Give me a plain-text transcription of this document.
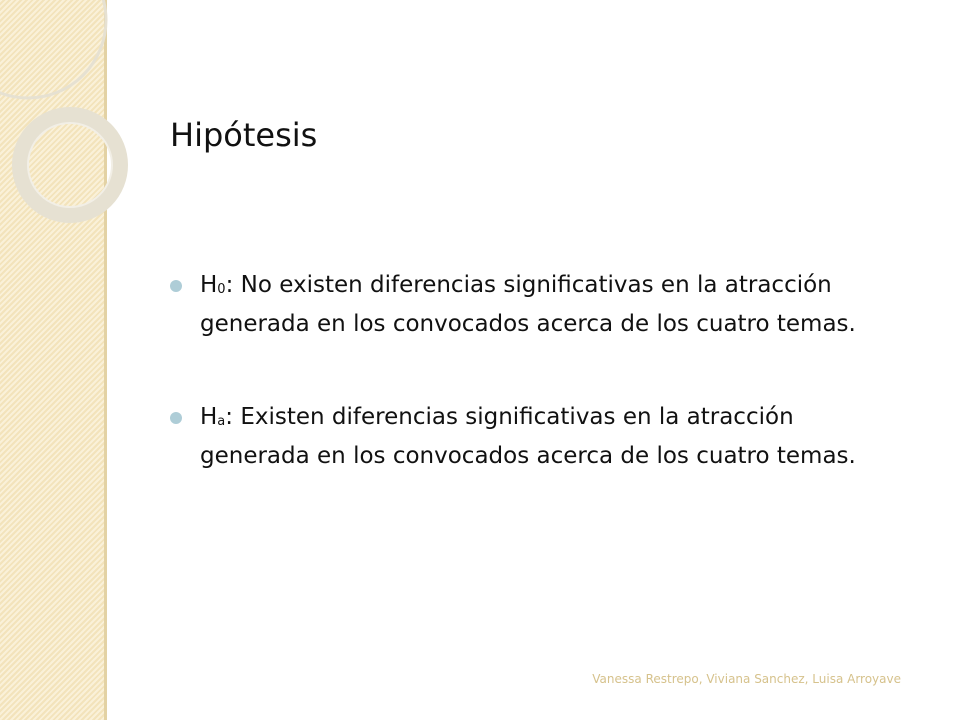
Hipótesis
H0: No existen diferencias significativas en la atracción generada en los convocados acerca de los cuatro temas.
Ha: Existen diferencias significativas en la atracción generada en los convocados acerca de los cuatro temas.
Vanessa Restrepo, Viviana Sanchez, Luisa Arroyave
